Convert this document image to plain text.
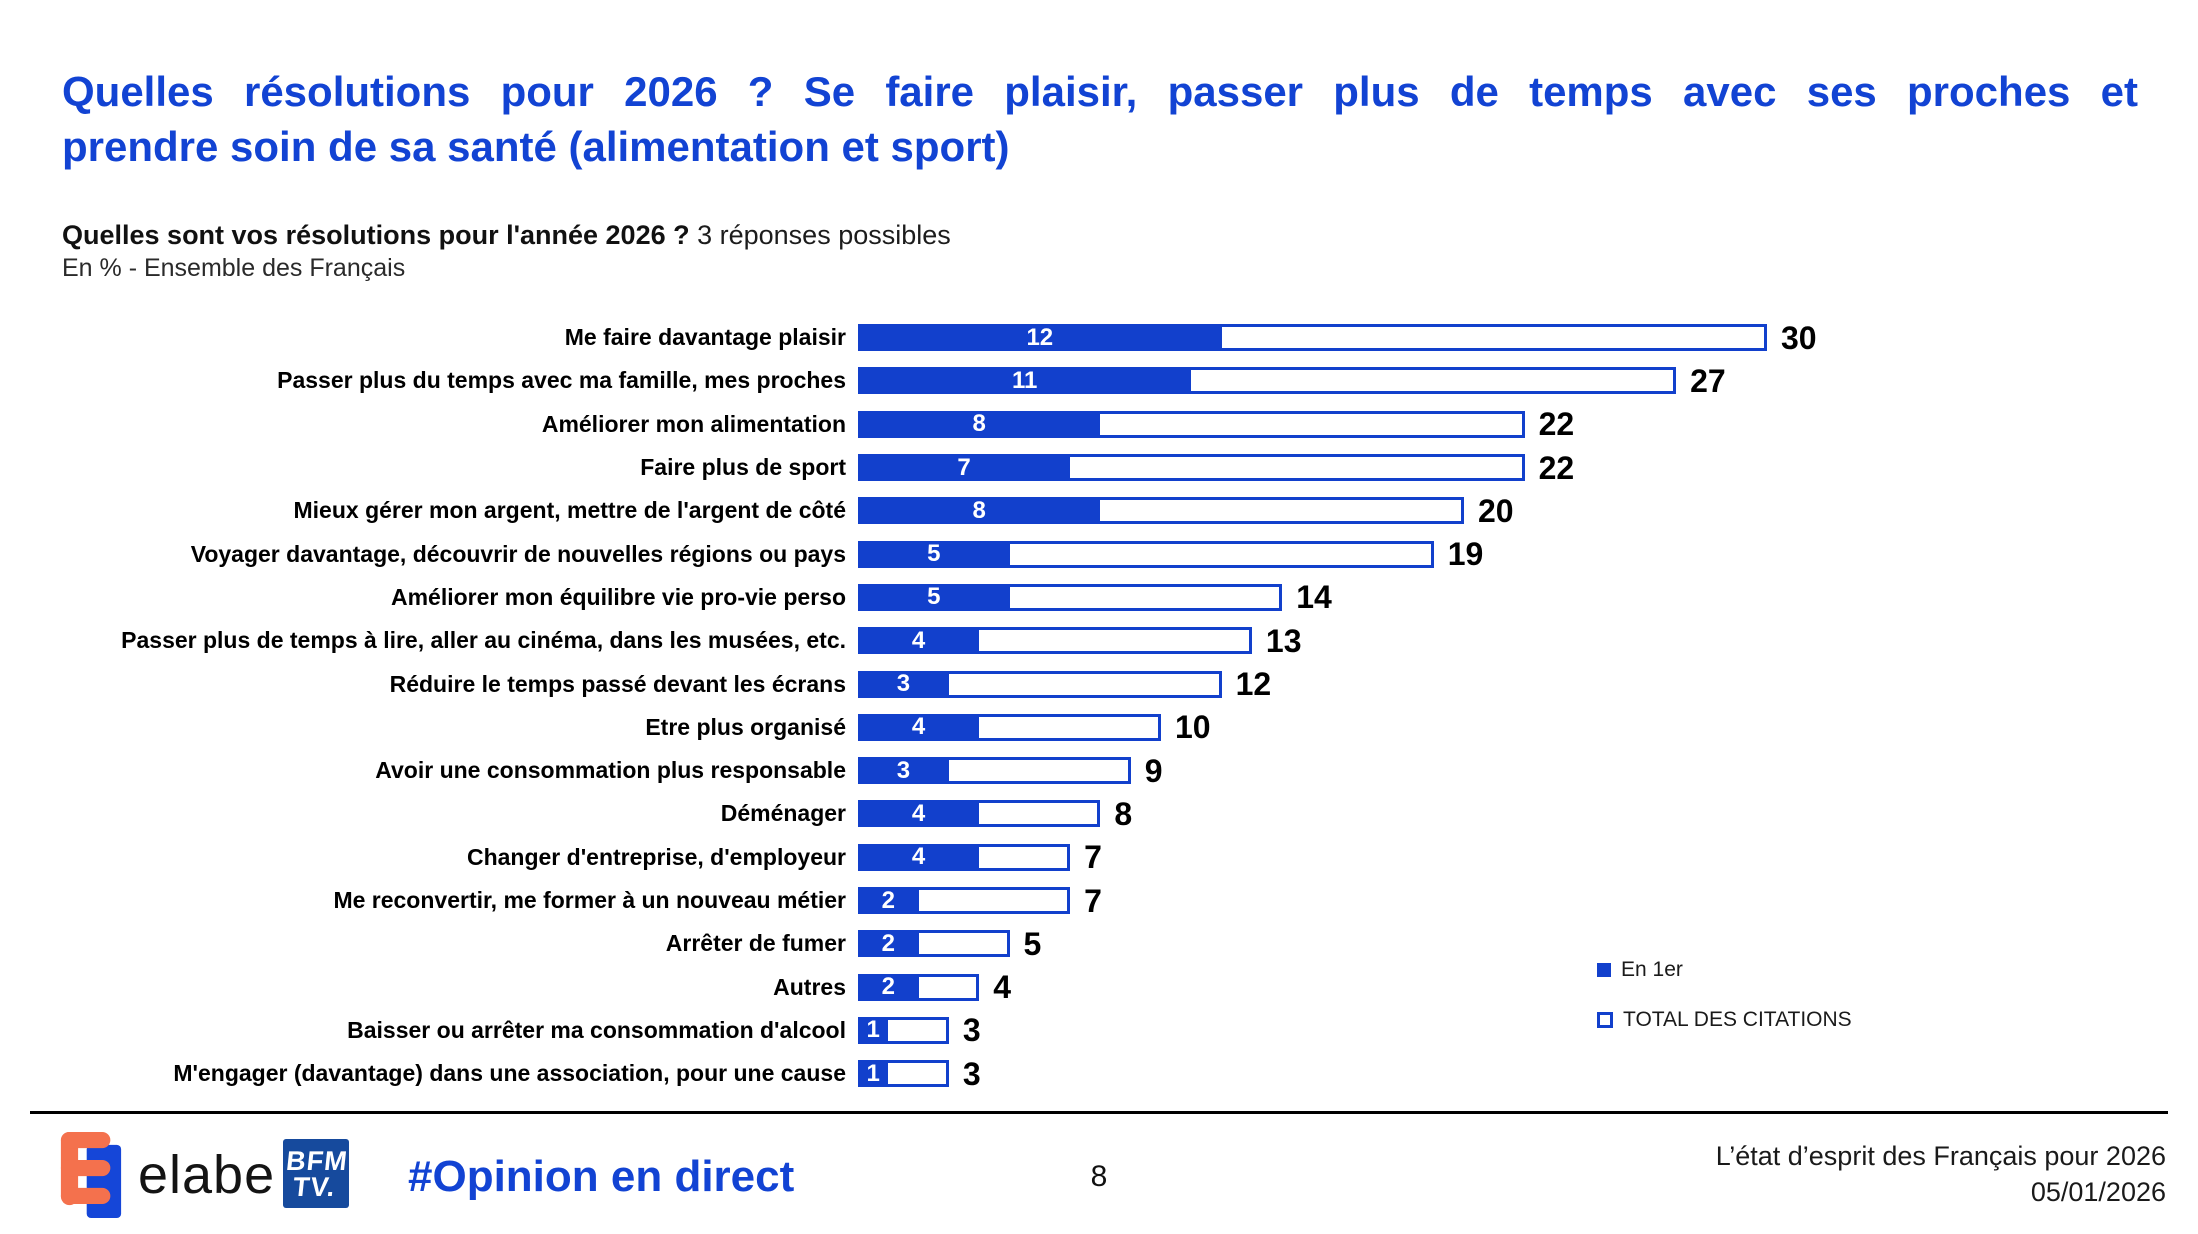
Quelles résolutions pour 2026 ? Se faire plaisir, passer plus de temps avec ses proches et
prendre soin de sa santé (alimentation et sport)
Quelles sont vos résolutions pour l'année 2026 ? 3 réponses possibles
En % - Ensemble des Français
Me faire davantage plaisir	12	30
Passer plus du temps avec ma famille, mes proches	11	27
Améliorer mon alimentation	8	22
Faire plus de sport	7	22
Mieux gérer mon argent, mettre de l'argent de côté	8	20
Voyager davantage, découvrir de nouvelles régions ou pays	5	19
Améliorer mon équilibre vie pro-vie perso	5	14
Passer plus de temps à lire, aller au cinéma, dans les musées, etc.	4	13
Réduire le temps passé devant les écrans	3	12
Etre plus organisé	4	10
Avoir une consommation plus responsable	3	9
Déménager	4	8
Changer d'entreprise, d'employeur	4	7
Me reconvertir, me former à un nouveau métier	2	7
Arrêter de fumer	2	5
Autres	2	4
Baisser ou arrêter ma consommation d'alcool 1	3
M'engager (davantage) dans une association, pour une cause 1	3
En 1er
TOTAL DES CITATIONS
elabe BFM
TV. #Opinion en direct	8
L’état d’esprit des Français pour 2026
05/01/2026
